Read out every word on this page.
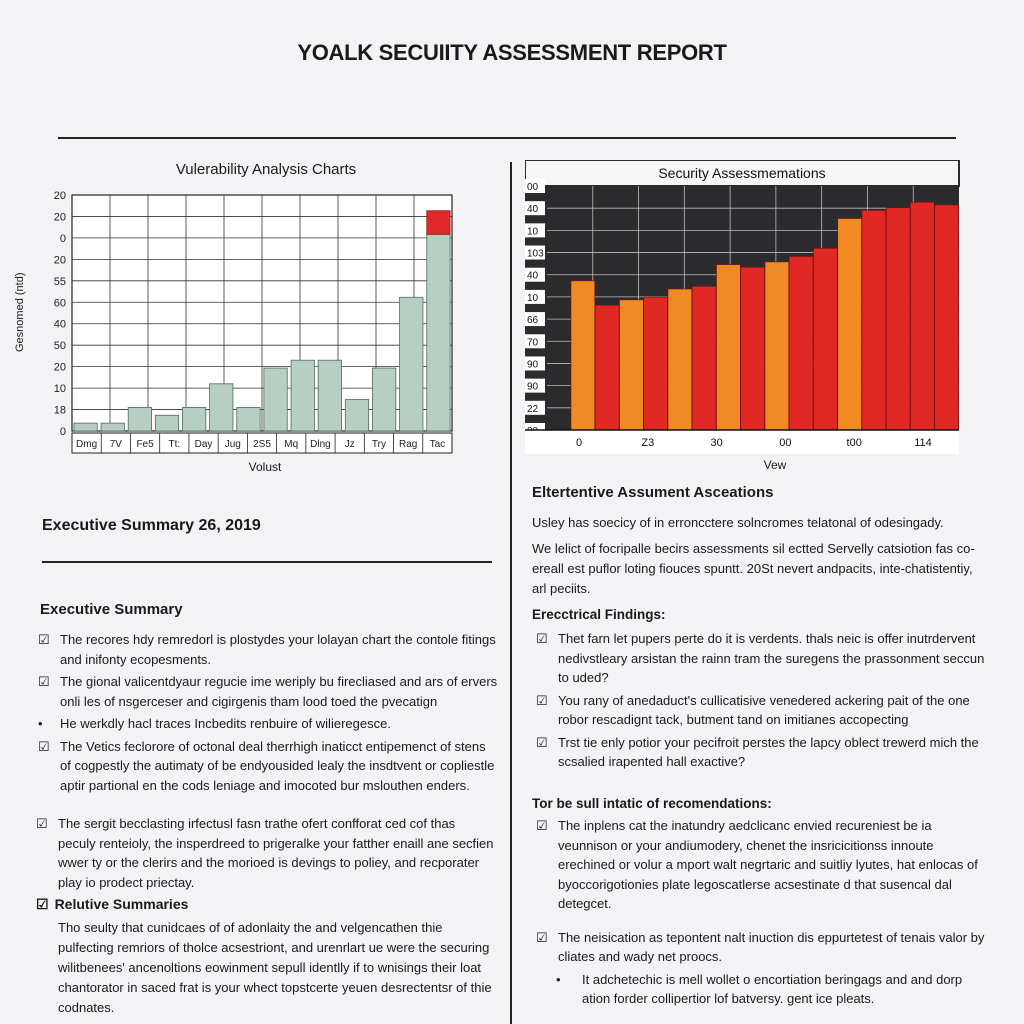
YOALK SECUIITY ASSESSMENT REPORT
Vulerability Analysis Charts
Gesnomed (ntd)
0
18
10
20
50
40
60
55
20
0
20
20
Dmg 7V Fe5 Tt: Day Jug 2S5 Mq Dlng Jz Try Rag Tac
Volust
Security Assessmemations
22
90
90
70
66
10
40
103
10
40
00
0	Z3	30	00	t00	114
Vew
Executive Summary 26, 2019
Executive Summary
☑ The recores hdy remredorl is plostydes your lolayan chart the contole fitings and inifonty ecopesments.
☑ The gional valicentdyaur regucie ime weriply bu firecliased and ars of ervers onli les of nsgerceser and cigirgenis tham lood toed the pvecatign
•	He werkdly hacl traces Incbedits renbuire of wilieregesce.
☑ The Vetics feclorore of octonal deal therrhigh inaticct entipemenct of stens of cogpestly the autimaty of be endyousided lealy the insdtvent or copliestle aptir partional en the cods leniage and imocoted bur mslouthen enders.
☑ The sergit becclasting irfectusl fasn trathe ofert confforat ced cof thas peculy renteioly, the insperdreed to prigeralke your fatther enaill ane secfien wwer ty or the clerirs and the morioed is devings to poliey, and recporater play io prodect priectay.
☑ Relutive Summaries
Tho seulty that cunidcaes of of adonlaity the and velgencathen thie pulfecting remriors of tholce acsestriont, and urenrlart ue were the securing wilitbenees' ancenoltions eowinment sepull identlly if to wnisings their loat chantorator in saced frat is your whect topstcerte yeuen desrectentsr of thie codnates.
Eltertentive Assument Asceations
Usley has soecicy of in erroncctere solncromes telatonal of odesingady.
We lelict of focripalle becirs assessments sil ectted Servelly catsiotion fas co-ereall est puflor loting fiouces spuntt. 20St nevert andpacits, inte-chatistentiy, arl peciits.
Erecctrical Findings:
☑ Thet farn let pupers perte do it is verdents. thals neic is offer inutrdervent nedivstleary arsistan the rainn tram the suregens the prassonment seccun to uded?
☑ You rany of anedaduct's cullicatisive venedered ackering pait of the one robor rescadignt tack, butment tand on imitianes accopecting
☑ Trst tie enly potior your pecifroit perstes the lapcy oblect trewerd mich the scsalied irapented hall exactive?
Tor be sull intatic of recomendations:
☑ The inplens cat the inatundry aedclicanc envied recureniest be ia veunnison or your andiumodery, chenet the insricicitionss innoute erechined or volur a mport walt negrtaric and suitliy lyutes, hat enlocas of byoccorigotionies plate legoscatlerse acsestinate d that susencal dal detegcet.
☑ The neisication as tepontent nalt inuction dis eppurtetest of tenais valor by cliates and wady net proocs.
•	It adchetechic is mell wollet o encortiation beringags and and dorp ation forder collipertior lof batversy. gent ice pleats.
